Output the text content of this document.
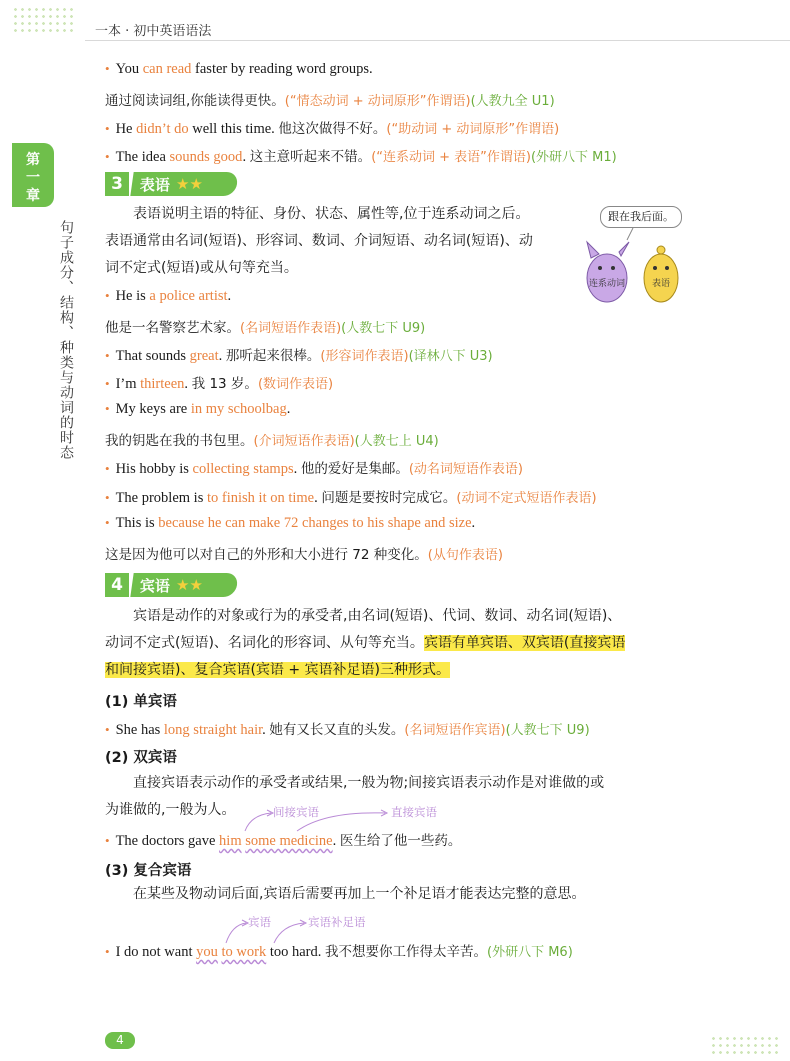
一本 · 初中英语语法
第一章
句子成分、结构、种类与动词的时态
• You can read faster by reading word groups.
通过阅读词组,你能读得更快。(“情态动词 + 动词原形”作谓语)(人教九全 U1)
• He didn’t do well this time. 他这次做得不好。(“助动词 + 动词原形”作谓语)
• The idea sounds good. 这主意听起来不错。(“连系动词 + 表语”作谓语)(外研八下 M1)
3	表语 ★★
表语说明主语的特征、身份、状态、属性等,位于连系动词之后。
表语通常由名词(短语)、形容词、数词、介词短语、动名词(短语)、动
词不定式(短语)或从句等充当。
• He is a police artist.
他是一名警察艺术家。(名词短语作表语)(人教七下 U9)
• That sounds great. 那听起来很棒。(形容词作表语)(译林八下 U3)
• I’m thirteen. 我 13 岁。(数词作表语)
• My keys are in my schoolbag.
我的钥匙在我的书包里。(介词短语作表语)(人教七上 U4)
• His hobby is collecting stamps. 他的爱好是集邮。(动名词短语作表语)
• The problem is to finish it on time. 问题是要按时完成它。(动词不定式短语作表语)
• This is because he can make 72 changes to his shape and size.
这是因为他可以对自己的外形和大小进行 72 种变化。(从句作表语)
4	宾语 ★★
宾语是动作的对象或行为的承受者,由名词(短语)、代词、数词、动名词(短语)、
动词不定式(短语)、名词化的形容词、从句等充当。宾语有单宾语、双宾语(直接宾语
和间接宾语)、复合宾语(宾语 + 宾语补足语)三种形式。
(1) 单宾语
• She has long straight hair. 她有又长又直的头发。(名词短语作宾语)(人教七下 U9)
(2) 双宾语
直接宾语表示动作的承受者或结果,一般为物;间接宾语表示动作是对谁做的或
为谁做的,一般为人。	间接宾语	直接宾语
• The doctors gave him some medicine. 医生给了他一些药。
(3) 复合宾语
在某些及物动词后面,宾语后需要再加上一个补足语才能表达完整的意思。
宾语	宾语补足语
• I do not want you to work too hard. 我不想要你工作得太辛苦。(外研八下 M6)
跟在我后面。
连系动词	表语
4
